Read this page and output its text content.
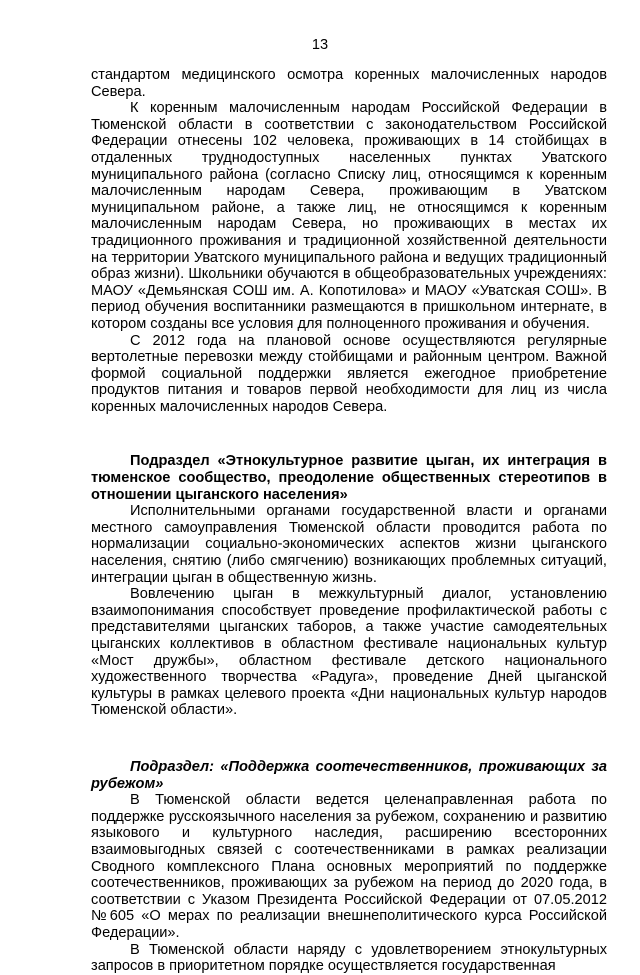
13

стандартом медицинского осмотра коренных малочисленных народов Севера.

К коренным малочисленным народам Российской Федерации в Тюменской области в соответствии с законодательством Российской Федерации отнесены 102 человека, проживающих в 14 стойбищах в отдаленных труднодоступных населенных пунктах Уватского муниципального района (согласно Списку лиц, относящимся к коренным малочисленным народам Севера, проживающим в Уватском муниципальном районе, а также лиц, не относящимся к коренным малочисленным народам Севера, но проживающих в местах их традиционного проживания и традиционной хозяйственной деятельности на территории Уватского муниципального района и ведущих традиционный образ жизни). Школьники обучаются в общеобразовательных учреждениях: МАОУ «Демьянская СОШ им. А. Копотилова» и МАОУ «Уватская СОШ». В период обучения воспитанники размещаются в пришкольном интернате, в котором созданы все условия для полноценного проживания и обучения.

С 2012 года на плановой основе осуществляются регулярные вертолетные перевозки между стойбищами и районным центром. Важной формой социальной поддержки является ежегодное приобретение продуктов питания и товаров первой необходимости для лиц из числа коренных малочисленных народов Севера.

Подраздел «Этнокультурное развитие цыган, их интеграция в тюменское сообщество, преодоление общественных стереотипов в отношении цыганского населения»

Исполнительными органами государственной власти и органами местного самоуправления Тюменской области проводится работа по нормализации социально-экономических аспектов жизни цыганского населения, снятию (либо смягчению) возникающих проблемных ситуаций, интеграции цыган в общественную жизнь.

Вовлечению цыган в межкультурный диалог, установлению взаимопонимания способствует проведение профилактической работы с представителями цыганских таборов, а также участие самодеятельных цыганских коллективов в областном фестивале национальных культур «Мост дружбы», областном фестивале детского национального художественного творчества «Радуга», проведение Дней цыганской культуры в рамках целевого проекта «Дни национальных культур народов Тюменской области».

Подраздел: «Поддержка соотечественников, проживающих за рубежом»

В Тюменской области ведется целенаправленная работа по поддержке русскоязычного населения за рубежом, сохранению и развитию языкового и культурного наследия, расширению всесторонних взаимовыгодных связей с соотечественниками в рамках реализации Сводного комплексного Плана основных мероприятий по поддержке соотечественников, проживающих за рубежом на период до 2020 года, в соответствии с Указом Президента Российской Федерации от 07.05.2012 №605 «О мерах по реализации внешнеполитического курса Российской Федерации».

В Тюменской области наряду с удовлетворением этнокультурных запросов в приоритетном порядке осуществляется государственная
